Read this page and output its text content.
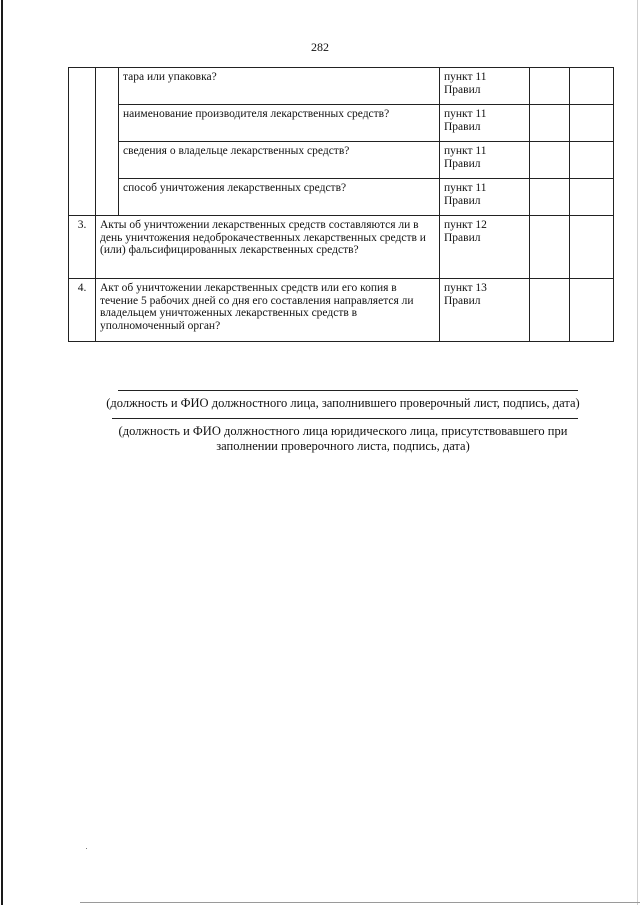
282
		тара или упаковка?	пункт 11
Правил		
		наименование производителя лекарственных средств?	пункт 11
Правил		
		сведения о владельце лекарственных средств?	пункт 11
Правил		
		способ уничтожения лекарственных средств?	пункт 11
Правил		
3.	Акты об уничтожении лекарственных средств составляются ли в день уничтожения недоброкачественных лекарственных средств и (или) фальсифицированных лекарственных средств?		пункт 12
Правил		
4.	Акт об уничтожении лекарственных средств или его копия в течение 5 рабочих дней со дня его составления направляется ли владельцем уничтоженных лекарственных средств в уполномоченный орган?		пункт 13
Правил		
(должность и ФИО должностного лица, заполнившего проверочный лист, подпись, дата)
(должность и ФИО должностного лица юридического лица, присутствовавшего при
заполнении проверочного листа, подпись, дата)
